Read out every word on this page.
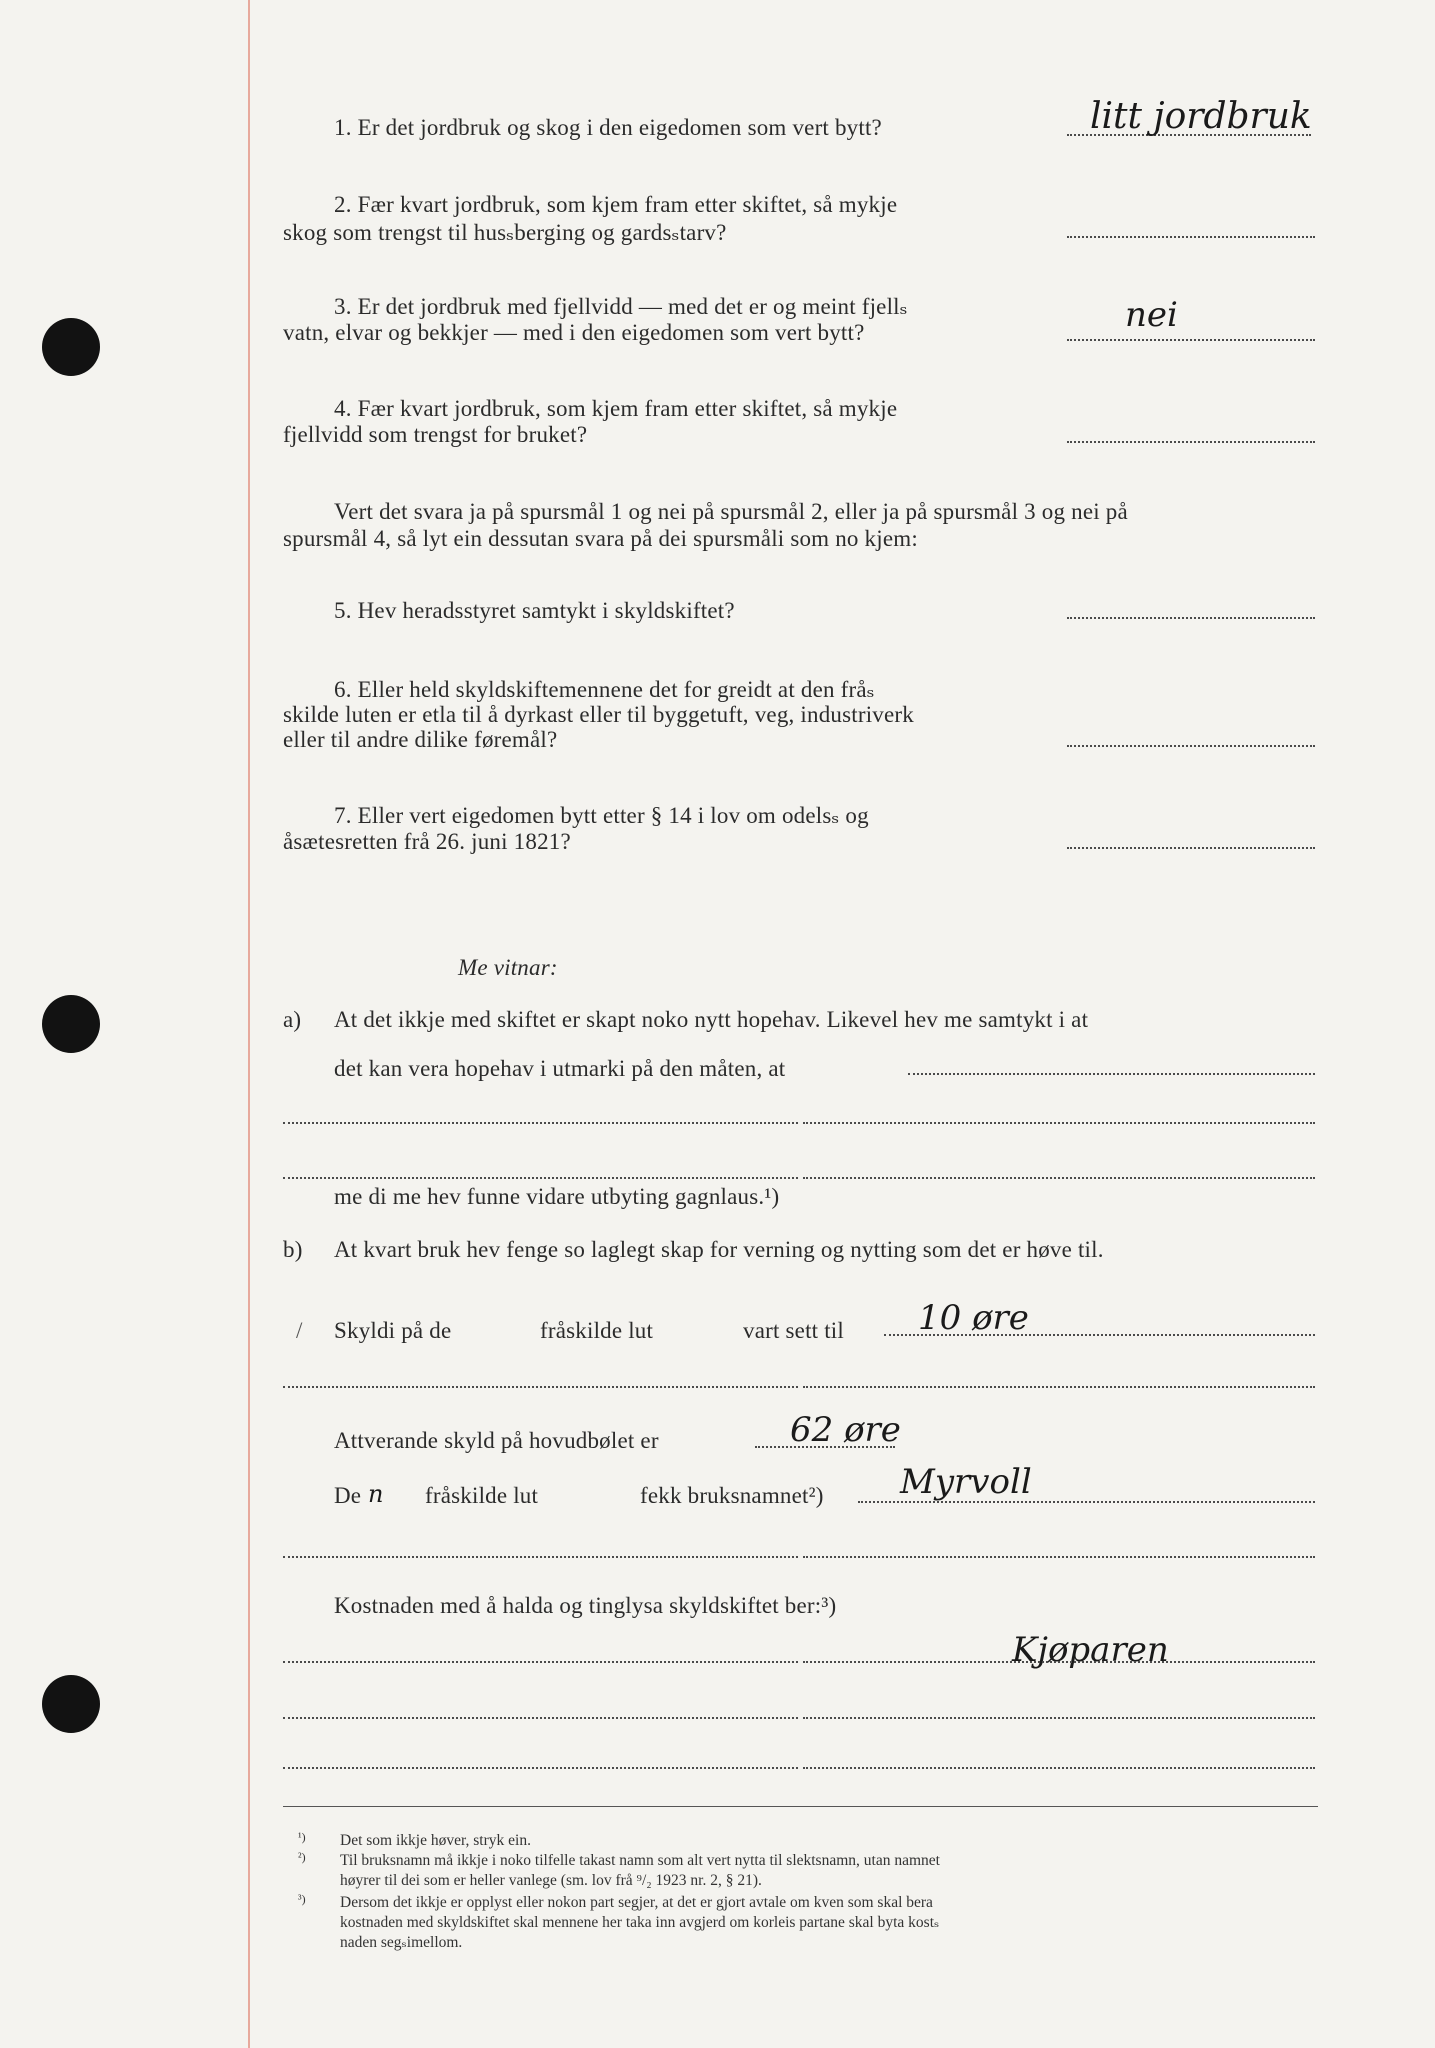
1. Er det jordbruk og skog i den eigedomen som vert bytt?	litt jordbruk
2. Fær kvart jordbruk, som kjem fram etter skiftet, så mykje
skog som trengst til husₛberging og gardsₛtarv?
3. Er det jordbruk med fjellvidd — med det er og meint fjellₛ
vatn, elvar og bekkjer — med i den eigedomen som vert bytt?	nei
4. Fær kvart jordbruk, som kjem fram etter skiftet, så mykje
fjellvidd som trengst for bruket?
Vert det svara ja på spursmål 1 og nei på spursmål 2, eller ja på spursmål 3 og nei på
spursmål 4, så lyt ein dessutan svara på dei spursmåli som no kjem:
5. Hev heradsstyret samtykt i skyldskiftet?
6. Eller held skyldskiftemennene det for greidt at den fråₛ
skilde luten er etla til å dyrkast eller til byggetuft, veg, industriverk
eller til andre dilike føremål?
7. Eller vert eigedomen bytt etter § 14 i lov om odelsₛ og
åsætesretten frå 26. juni 1821?
Me vitnar:
a) At det ikkje med skiftet er skapt noko nytt hopehav. Likevel hev me samtykt i at
det kan vera hopehav i utmarki på den måten, at
me di me hev funne vidare utbyting gagnlaus.¹)
b) At kvart bruk hev fenge so laglegt skap for verning og nytting som det er høve til.
/ Skyldi på de	fråskilde lut	vart sett til 10 øre
Attverande skyld på hovudbølet er	62 øre
De n fråskilde lut	fekk bruksnamnet²) Myrvoll
Kostnaden med å halda og tinglysa skyldskiftet ber:³)
Kjøparen
¹) Det som ikkje høver, stryk ein.
²) Til bruksnamn må ikkje i noko tilfelle takast namn som alt vert nytta til slektsnamn, utan namnet
høyrer til dei som er heller vanlege (sm. lov frå ⁹/₂ 1923 nr. 2, § 21).
³) Dersom det ikkje er opplyst eller nokon part segjer, at det er gjort avtale om kven som skal bera
kostnaden med skyldskiftet skal mennene her taka inn avgjerd om korleis partane skal byta kostₛ
naden segₛimellom.
